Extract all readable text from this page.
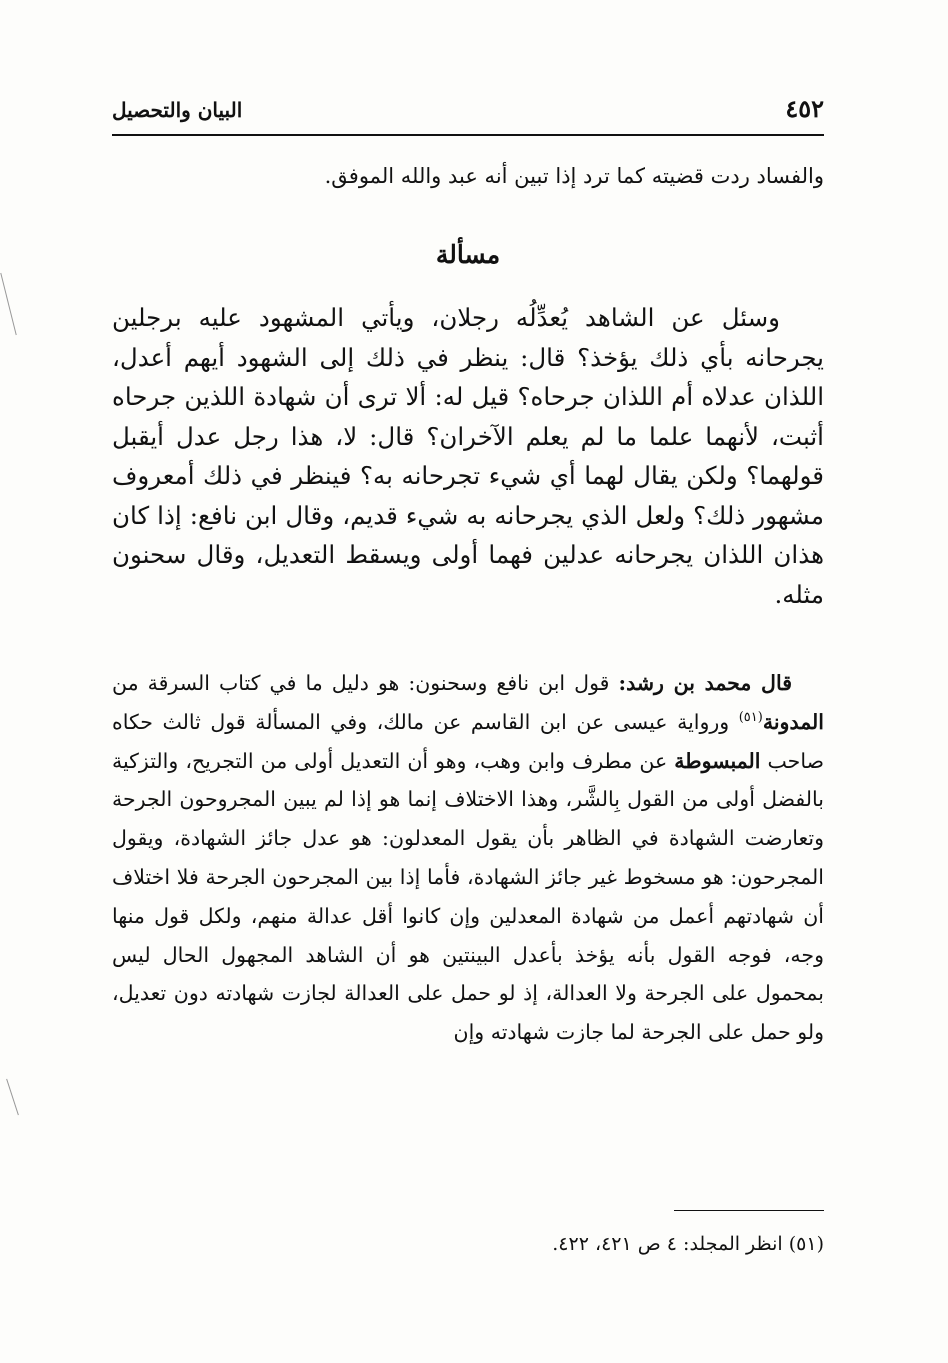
٤٥٢
البيان والتحصيل
والفساد ردت قضيته كما ترد إذا تبين أنه عبد والله الموفق.
مسألة
وسئل عن الشاهد يُعدِّلُه رجلان، ويأتي المشهود عليه برجلين يجرحانه بأي ذلك يؤخذ؟ قال: ينظر في ذلك إلى الشهود أيهم أعدل، اللذان عدلاه أم اللذان جرحاه؟ قيل له: ألا ترى أن شهادة اللذين جرحاه أثبت، لأنهما علما ما لم يعلم الآخران؟ قال: لا، هذا رجل عدل أيقبل قولهما؟ ولكن يقال لهما أي شيء تجرحانه به؟ فينظر في ذلك أمعروف مشهور ذلك؟ ولعل الذي يجرحانه به شيء قديم، وقال ابن نافع: إذا كان هذان اللذان يجرحانه عدلين فهما أولى ويسقط التعديل، وقال سحنون مثله.
قال محمد بن رشد: قول ابن نافع وسحنون: هو دليل ما في كتاب السرقة من المدونة$^{(٥١)}$ ورواية عيسى عن ابن القاسم عن مالك، وفي المسألة قول ثالث حكاه صاحب المبسوطة عن مطرف وابن وهب، وهو أن التعديل أولى من التجريح، والتزكية بالفضل أولى من القول بِالشَّر، وهذا الاختلاف إنما هو إذا لم يبين المجروحون الجرحة وتعارضت الشهادة في الظاهر بأن يقول المعدلون: هو عدل جائز الشهادة، ويقول المجرحون: هو مسخوط غير جائز الشهادة، فأما إذا بين المجرحون الجرحة فلا اختلاف أن شهادتهم أعمل من شهادة المعدلين وإن كانوا أقل عدالة منهم، ولكل قول منها وجه، فوجه القول بأنه يؤخذ بأعدل البينتين هو أن الشاهد المجهول الحال ليس بمحمول على الجرحة ولا العدالة، إذ لو حمل على العدالة لجازت شهادته دون تعديل، ولو حمل على الجرحة لما جازت شهادته وإن
(٥١) انظر المجلد: ٤ ص ٤٢١، ٤٢٢.
